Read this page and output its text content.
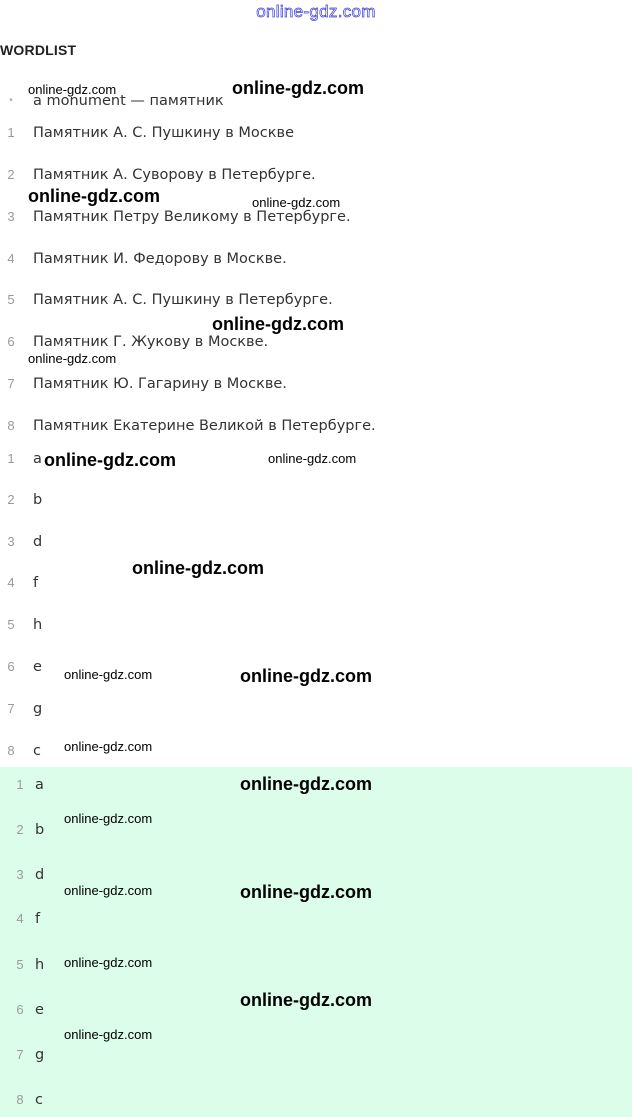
online-gdz.com
WORDLIST
•	a monument — памятник
1	Памятник А. С. Пушкину в Москве
2	Памятник А. Суворову в Петербурге.
3	Памятник Петру Великому в Петербурге.
4	Памятник И. Федорову в Москве.
5	Памятник А. С. Пушкину в Петербурге.
6	Памятник Г. Жукову в Москве.
7	Памятник Ю. Гагарину в Москве.
8	Памятник Екатерине Великой в Петербурге.
1	a
2	b
3	d
4	f
5	h
6	e
7	g
8	c
1 a
2 b
3 d
4 f
5 h
6 e
7 g
8 c
online-gdz.com	online-gdz.com
online-gdz.com	online-gdz.com
online-gdz.com
online-gdz.com
online-gdz.com	online-gdz.com
online-gdz.com
online-gdz.com	online-gdz.com
online-gdz.com
online-gdz.com
online-gdz.com
online-gdz.com
online-gdz.com
online-gdz.com
online-gdz.com
online-gdz.com
